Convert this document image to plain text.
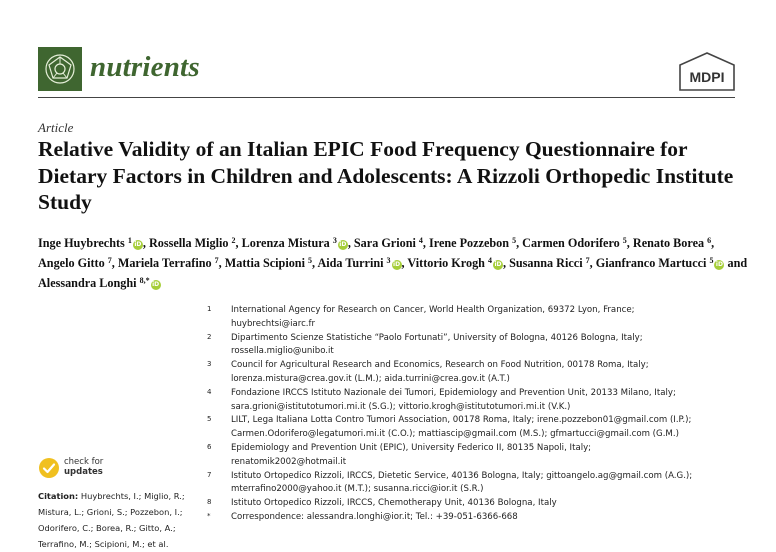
nutrients	MDPI
Article
Relative Validity of an Italian EPIC Food Frequency Questionnaire for Dietary Factors in Children and Adolescents: A Rizzoli Orthopedic Institute Study
Inge Huybrechts $^1$ iD, Rossella Miglio $^2$, Lorenza Mistura $^3$ iD, Sara Grioni $^4$, Irene Pozzebon $^5$, Carmen Odorifero $^5$, Renato Borea $^6$, Angelo Gitto $^7$, Mariela Terrafino $^7$, Mattia Scipioni $^5$, Aida Turrini $^3$ iD, Vittorio Krogh $^4$ iD, Susanna Ricci $^7$, Gianfranco Martucci $^5$ iD and Alessandra Longhi $^{8,*}$ iD
1	International Agency for Research on Cancer, World Health Organization, 69372 Lyon, France;
huybrechtsi@iarc.fr
2	Dipartimento Scienze Statistiche “Paolo Fortunati”, University of Bologna, 40126 Bologna, Italy;
rossella.miglio@unibo.it
3	Council for Agricultural Research and Economics, Research on Food Nutrition, 00178 Roma, Italy;
lorenza.mistura@crea.gov.it (L.M.); aida.turrini@crea.gov.it (A.T.)
4	Fondazione IRCCS Istituto Nazionale dei Tumori, Epidemiology and Prevention Unit, 20133 Milano, Italy;
sara.grioni@istitutotumori.mi.it (S.G.); vittorio.krogh@istitutotumori.mi.it (V.K.)
5	LILT, Lega Italiana Lotta Contro Tumori Association, 00178 Roma, Italy; irene.pozzebon01@gmail.com (I.P.);
Carmen.Odorifero@legatumori.mi.it (C.O.); mattiascip@gmail.com (M.S.); gfmartucci@gmail.com (G.M.)
6	Epidemiology and Prevention Unit (EPIC), University Federico II, 80135 Napoli, Italy;
renatomik2002@hotmail.it
7	Istituto Ortopedico Rizzoli, IRCCS, Dietetic Service, 40136 Bologna, Italy; gittoangelo.ag@gmail.com (A.G.);
mterrafino2000@yahoo.it (M.T.); susanna.ricci@ior.it (S.R.)
8	Istituto Ortopedico Rizzoli, IRCCS, Chemotherapy Unit, 40136 Bologna, Italy
*	Correspondence: alessandra.longhi@ior.it; Tel.: +39-051-6366-668
check for
updates
Citation: Huybrechts, I.; Miglio, R.;
Mistura, L.; Grioni, S.; Pozzebon, I.;
Odorifero, C.; Borea, R.; Gitto, A.;
Terrafino, M.; Scipioni, M.; et al.
